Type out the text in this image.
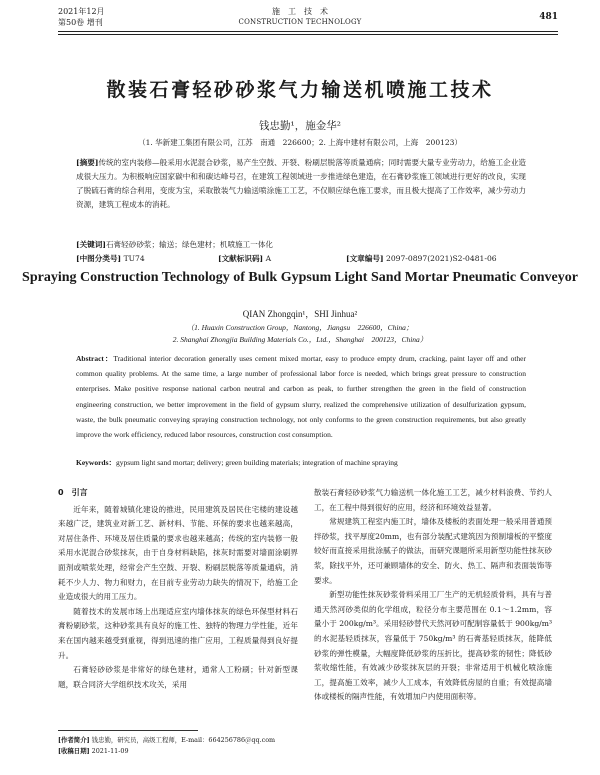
2021年12月
第50卷 增刊
施　工　技　术
CONSTRUCTION TECHNOLOGY	481
散装石膏轻砂砂浆气力输送机喷施工技术
钱忠勤¹，施金华²
（1. 华新建工集团有限公司，江苏　南通　226600；2. 上海中建材有限公司，上海　200123）
[摘要]传统的室内装修—般采用水泥混合砂浆，易产生空鼓、开裂、粉刷层脱落等质量通病；同时需要大量专业劳动力，给施工企业造成很大压力。为积极响应国家碳中和和碳达峰号召，在建筑工程领域进一步推进绿色建造，在石膏砂浆施工领域进行更好的改良，实现了脱硫石膏的综合利用，变废为宝，采取散装气力输送喷涂施工工艺，不仅顺应绿色施工要求，而且极大提高了工作效率，减少劳动力资源，建筑工程成本的消耗。
[关键词]石膏轻砂砂浆；输送；绿色建材；机喷施工一体化
[中图分类号] TU74	[文献标识码] A	[文章编号] 2097-0897(2021)S2-0481-06
Spraying Construction Technology of Bulk Gypsum Light Sand Mortar Pneumatic Conveyor
QIAN Zhongqin¹，SHI Jinhua²
（1. Huaxin Construction Group，Nantong，Jiangsu　226600，China；
2. Shanghai Zhongjia Building Materials Co.，Ltd.，Shanghai　200123，China）
Abstract：Traditional interior decoration generally uses cement mixed mortar, easy to produce empty drum, cracking, paint layer off and other common quality problems. At the same time, a large number of professional labor force is needed, which brings great pressure to construction enterprises. Make positive response national carbon neutral and carbon as peak, to further strengthen the green in the field of construction engineering construction, we better improvement in the field of gypsum slurry, realized the comprehensive utilization of desulfurization gypsum, waste, the bulk pneumatic conveying spraying construction technology, not only conforms to the green construction requirements, but also greatly improve the work efficiency, reduced labor resources, construction cost consumption.
Keywords：gypsum light sand mortar; delivery; green building materials; integration of machine spraying
0　引言

近年来，随着城镇化建设的推进，民用建筑及居民住宅楼的建设越来越广泛，建筑业对新工艺、新材料、节能、环保的要求也越来越高，对居住条件、环境及居住质量的要求也越来越高；传统的室内装修一般采用水泥混合砂浆抹灰，由于自身材料缺陷，抹灰时需要对墙面涂刷界面剂或喷浆处理，经常会产生空鼓、开裂、粉刷层脱落等质量通病，消耗不少人力、物力和财力，在目前专业劳动力缺失的情况下，给施工企业造成很大的用工压力。

随着技术的发展市场上出现适应室内墙体抹灰的绿色环保型材料石膏粉刷砂浆，这种砂浆具有良好的施工性、独特的物理力学性能，近年来在国内越来越受到重视，得到迅速的推广应用，工程质量得到良好提升。

石膏轻砂砂浆是非常好的绿色建材，通常人工粉刷；针对新型课题，联合同济大学组织技术攻关，采用

散装石膏轻砂砂浆气力输送机一体化施工工艺，减少材料浪费、节约人工，在工程中得到很好的应用，经济和环境效益显著。

常规建筑工程室内施工时，墙体及楼板的表面处理一般采用普通预拌砂浆，找平厚度20mm，也有部分装配式建筑因为预制墙板的平整度较好而直接采用批涂腻子的做法，而研究课题所采用新型功能性抹灰砂浆，除找平外，还可兼顾墙体的安全、防火、热工、隔声和表面装饰等要求。

新型功能性抹灰砂浆骨料采用工厂生产的无机轻质骨料，具有与普通天然河砂类似的化学组成，粒径分布主要范围在 0.1～1.2mm，容量小于 200kg/m³。采用轻砂替代天然河砂可配制容量低于 900kg/m³ 的水泥基轻质抹灰，容量低于 750kg/m³ 的石膏基轻质抹灰，能降低砂浆的弹性模量，大幅度降低砂浆的压折比，提高砂浆的韧性；降低砂浆收缩性能，有效减少砂浆抹灰层的开裂；非常适用于机械化喷涂施工，提高施工效率，减少人工成本，有效降低房屋的自重；有效提高墙体或楼板的隔声性能，有效增加户内使用面积等。

[作者简介] 钱忠勤，研究员，高级工程师，E-mail：664256786＠qq.com
[收稿日期] 2021-11-09
